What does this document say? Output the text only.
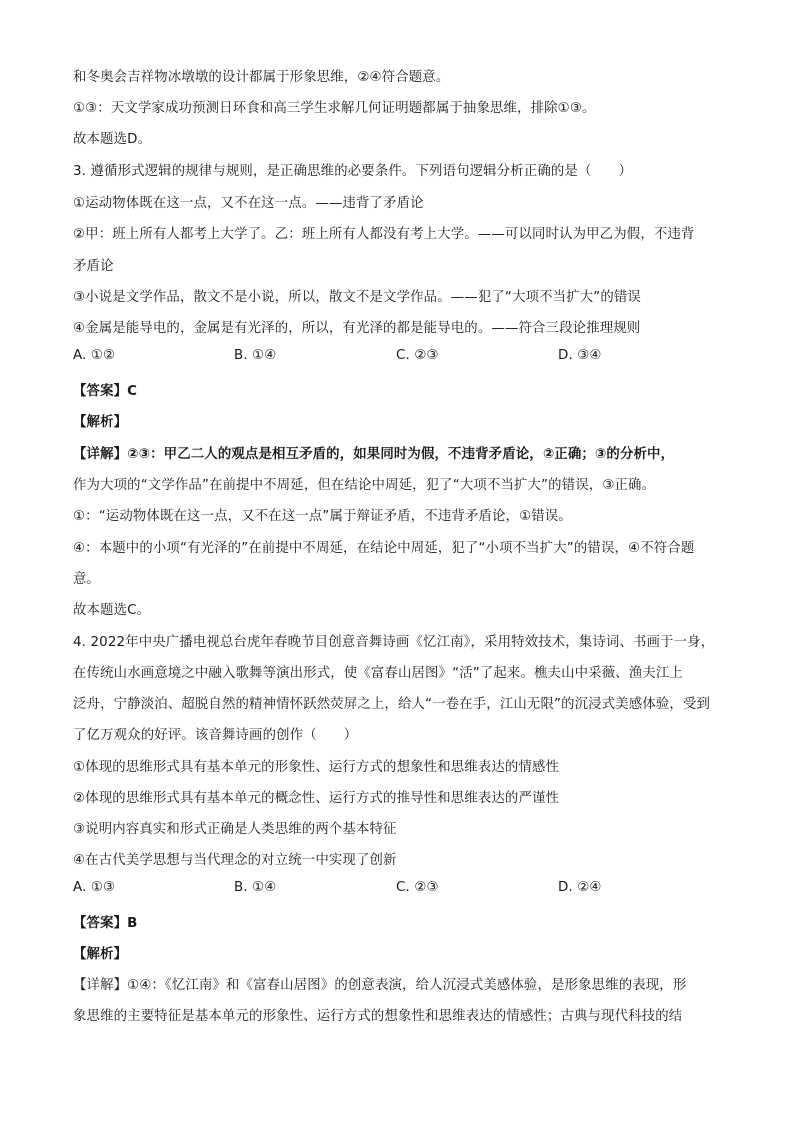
和冬奥会吉祥物冰墩墩的设计都属于形象思维，②④符合题意。
①③：天文学家成功预测日环食和高三学生求解几何证明题都属于抽象思维，排除①③。
故本题选D。
3. 遵循形式逻辑的规律与规则，是正确思维的必要条件。下列语句逻辑分析正确的是（　　）
①运动物体既在这一点，又不在这一点。——违背了矛盾论
②甲：班上所有人都考上大学了。乙：班上所有人都没有考上大学。——可以同时认为甲乙为假，不违背
矛盾论
③小说是文学作品，散文不是小说，所以，散文不是文学作品。——犯了“大项不当扩大”的错误
④金属是能导电的，金属是有光泽的，所以，有光泽的都是能导电的。——符合三段论推理规则
A. ①②	B. ①④	C. ②③	D. ③④
【答案】C
【解析】
【详解】②③：甲乙二人的观点是相互矛盾的，如果同时为假，不违背矛盾论，②正确；③的分析中，
作为大项的“文学作品”在前提中不周延，但在结论中周延，犯了“大项不当扩大”的错误，③正确。
①：“运动物体既在这一点，又不在这一点”属于辩证矛盾，不违背矛盾论，①错误。
④：本题中的小项“有光泽的”在前提中不周延，在结论中周延，犯了“小项不当扩大”的错误，④不符合题
意。
故本题选C。
4. 2022年中央广播电视总台虎年春晚节目创意音舞诗画《忆江南》，采用特效技术，集诗词、书画于一身，
在传统山水画意境之中融入歌舞等演出形式，使《富春山居图》“活”了起来。樵夫山中采薇、渔夫江上
泛舟，宁静淡泊、超脱自然的精神情怀跃然荧屏之上，给人“一卷在手，江山无限”的沉浸式美感体验，受到
了亿万观众的好评。该音舞诗画的创作（　　）
①体现的思维形式具有基本单元的形象性、运行方式的想象性和思维表达的情感性
②体现的思维形式具有基本单元的概念性、运行方式的推导性和思维表达的严谨性
③说明内容真实和形式正确是人类思维的两个基本特征
④在古代美学思想与当代理念的对立统一中实现了创新
A. ①③	B. ①④	C. ②③	D. ②④
【答案】B
【解析】
【详解】①④：《忆江南》和《富春山居图》的创意表演，给人沉浸式美感体验，是形象思维的表现，形
象思维的主要特征是基本单元的形象性、运行方式的想象性和思维表达的情感性；古典与现代科技的结
